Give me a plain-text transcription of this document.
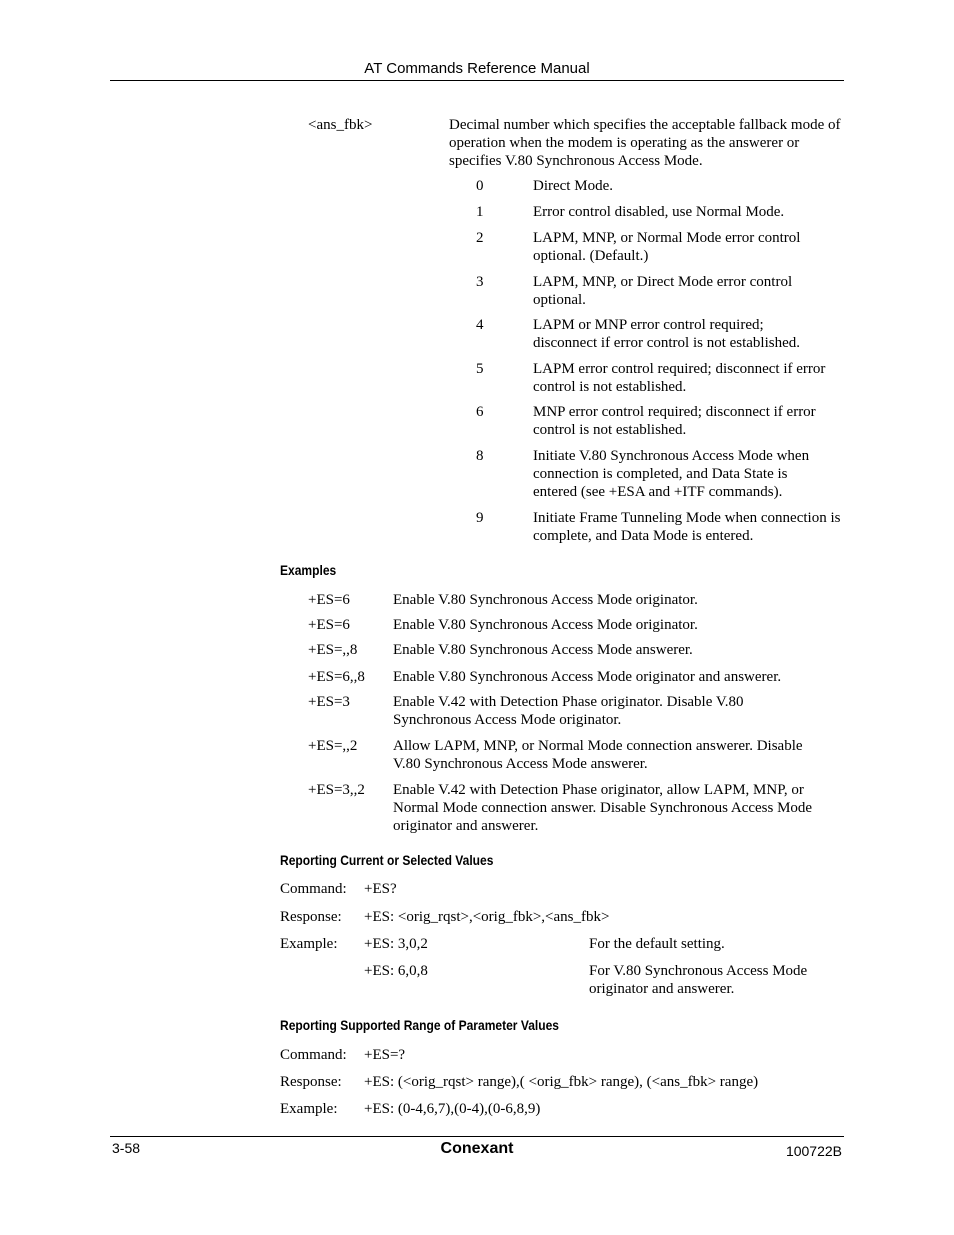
AT Commands Reference Manual
<ans_fbk>	Decimal number which specifies the acceptable fallback mode of operation when the modem is operating as the answerer or specifies V.80 Synchronous Access Mode.
0	Direct Mode.
1	Error control disabled, use Normal Mode.
2	LAPM, MNP, or Normal Mode error control optional. (Default.)
3	LAPM, MNP, or Direct Mode error control optional.
4	LAPM or MNP error control required; disconnect if error control is not established.
5	LAPM error control required; disconnect if error control is not established.
6	MNP error control required; disconnect if error control is not established.
8	Initiate V.80 Synchronous Access Mode when connection is completed, and Data State is entered (see +ESA and +ITF commands).
9	Initiate Frame Tunneling Mode when connection is complete, and Data Mode is entered.
Examples
+ES=6	Enable V.80 Synchronous Access Mode originator.
+ES=6	Enable V.80 Synchronous Access Mode originator.
+ES=,,8 Enable V.80 Synchronous Access Mode answerer.
+ES=6,,8 Enable V.80 Synchronous Access Mode originator and answerer.
+ES=3	Enable V.42 with Detection Phase originator. Disable V.80 Synchronous Access Mode originator.
+ES=,,2 Allow LAPM, MNP, or Normal Mode connection answerer. Disable V.80 Synchronous Access Mode answerer.
+ES=3,,2 Enable V.42 with Detection Phase originator, allow LAPM, MNP, or Normal Mode connection answer. Disable Synchronous Access Mode originator and answerer.
Reporting Current or Selected Values
Command: +ES?
Response: +ES: <orig_rqst>,<orig_fbk>,<ans_fbk>
Example: +ES: 3,0,2	For the default setting.
+ES: 6,0,8	For V.80 Synchronous Access Mode originator and answerer.
Reporting Supported Range of Parameter Values
Command: +ES=?
Response: +ES: (<orig_rqst> range),( <orig_fbk> range), (<ans_fbk> range)
Example: +ES: (0-4,6,7),(0-4),(0-6,8,9)
3-58	Conexant	100722B
